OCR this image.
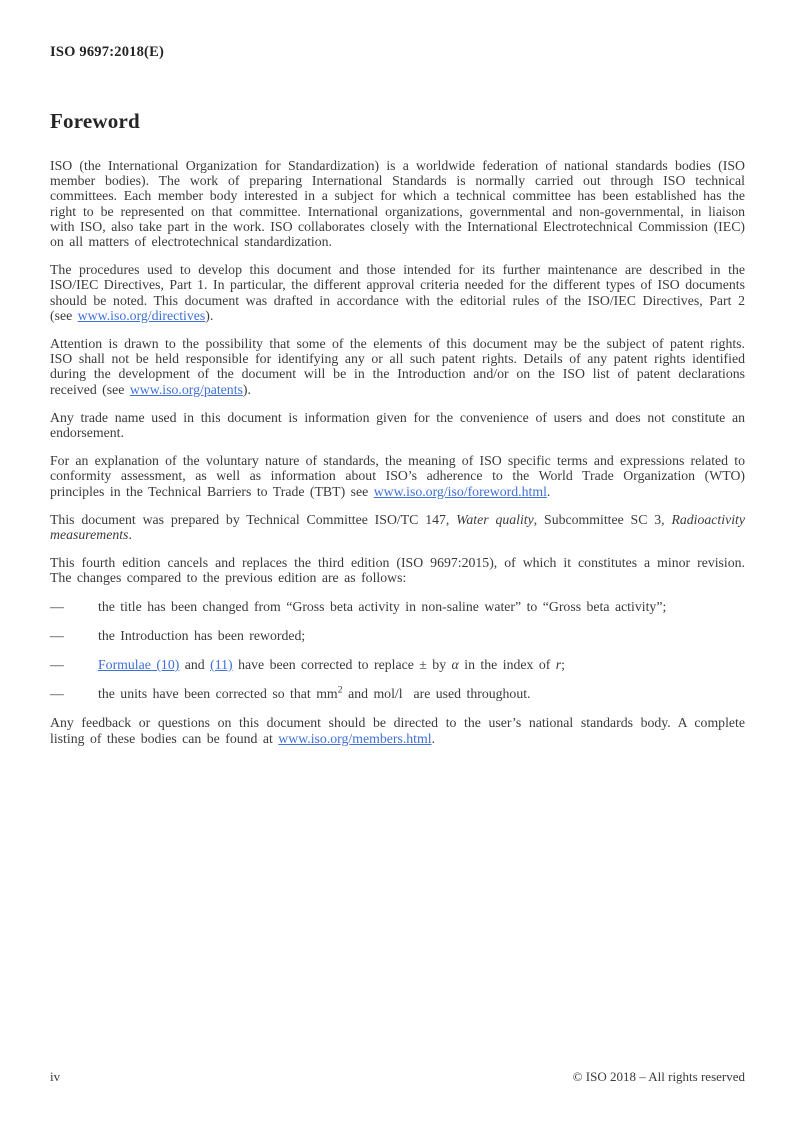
ISO 9697:2018(E)
Foreword

ISO (the International Organization for Standardization) is a worldwide federation of national standards bodies (ISO member bodies). The work of preparing International Standards is normally carried out through ISO technical committees. Each member body interested in a subject for which a technical committee has been established has the right to be represented on that committee. International organizations, governmental and non-governmental, in liaison with ISO, also take part in the work. ISO collaborates closely with the International Electrotechnical Commission (IEC) on all matters of electrotechnical standardization.

The procedures used to develop this document and those intended for its further maintenance are described in the ISO/IEC Directives, Part 1. In particular, the different approval criteria needed for the different types of ISO documents should be noted. This document was drafted in accordance with the editorial rules of the ISO/IEC Directives, Part 2 (see www.iso.org/directives).

Attention is drawn to the possibility that some of the elements of this document may be the subject of patent rights. ISO shall not be held responsible for identifying any or all such patent rights. Details of any patent rights identified during the development of the document will be in the Introduction and/or on the ISO list of patent declarations received (see www.iso.org/patents).

Any trade name used in this document is information given for the convenience of users and does not constitute an endorsement.

For an explanation of the voluntary nature of standards, the meaning of ISO specific terms and expressions related to conformity assessment, as well as information about ISO’s adherence to the World Trade Organization (WTO) principles in the Technical Barriers to Trade (TBT) see www.iso.org/iso/foreword.html.

This document was prepared by Technical Committee ISO/TC 147, Water quality, Subcommittee SC 3, Radioactivity measurements.

This fourth edition cancels and replaces the third edition (ISO 9697:2015), of which it constitutes a minor revision. The changes compared to the previous edition are as follows:

— the title has been changed from “Gross beta activity in non-saline water” to “Gross beta activity”;
— the Introduction has been reworded;
— Formulae (10) and (11) have been corrected to replace ± by α in the index of r;
— the units have been corrected so that $mm^2$ and mol/l  are used throughout.

Any feedback or questions on this document should be directed to the user’s national standards body. A complete listing of these bodies can be found at www.iso.org/members.html.

iv	© ISO 2018 – All rights reserved
